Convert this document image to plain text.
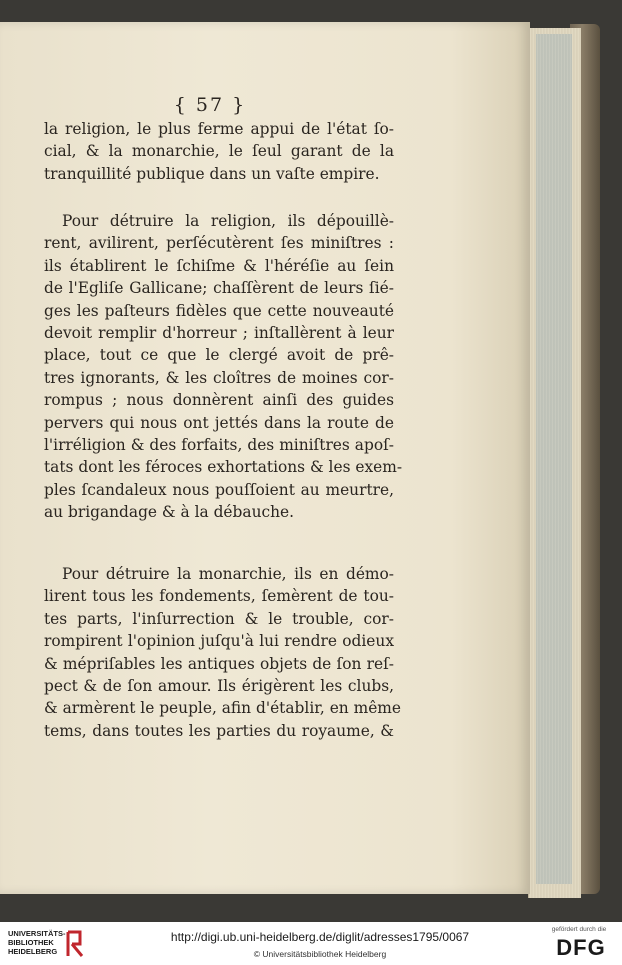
{ 57 }
la religion, le plus ferme appui de l'état ſo-
cial, & la monarchie, le ſeul garant de la
tranquillité publique dans un vaſte empire.
Pour détruire la religion, ils dépouillè-
rent, avilirent, perſécutèrent ſes miniſtres :
ils établirent le ſchiſme & l'héréſie au ſein
de l'Egliſe Gallicane; chaſſèrent de leurs ſié-
ges les paſteurs fidèles que cette nouveauté
devoit remplir d'horreur ; inſtallèrent à leur
place, tout ce que le clergé avoit de prê-
tres ignorants, & les cloîtres de moines cor-
rompus ; nous donnèrent ainſi des guides
pervers qui nous ont jettés dans la route de
l'irréligion & des forfaits, des miniſtres apoſ-
tats dont les féroces exhortations & les exem-
ples ſcandaleux nous pouſſoient au meurtre,
au brigandage & à la débauche.
Pour détruire la monarchie, ils en démo-
lirent tous les fondements, ſemèrent de tou-
tes parts, l'inſurrection & le trouble, cor-
rompirent l'opinion juſqu'à lui rendre odieux
& mépriſables les antiques objets de ſon reſ-
pect & de ſon amour. Ils érigèrent les clubs,
& armèrent le peuple, afin d'établir, en même
tems, dans toutes les parties du royaume, &
UNIVERSITÄTS-
BIBLIOTHEK
HEIDELBERG
http://digi.ub.uni-heidelberg.de/diglit/adresses1795/0067
© Universitätsbibliothek Heidelberg
gefördert durch die
DFG
